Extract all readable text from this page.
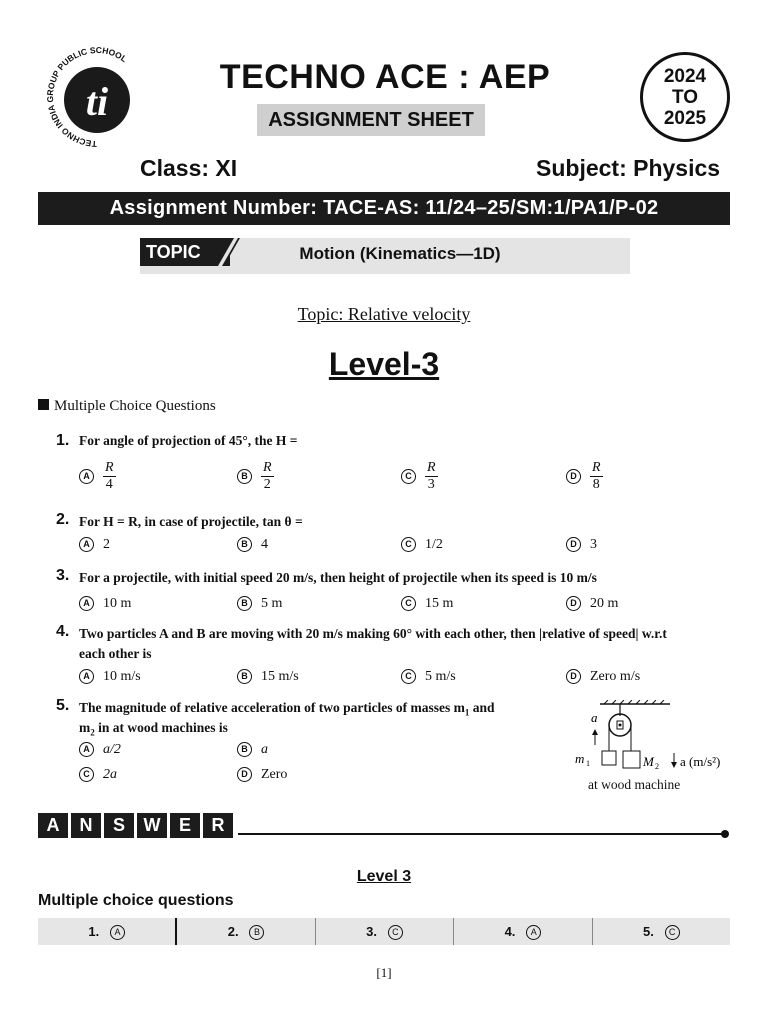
ti
TECHNO INDIA GROUP PUBLIC SCHOOL	TECHNO ACE : AEP
ASSIGNMENT SHEET
2024
TO
2025
Class: XI	Subject: Physics
Assignment Number: TACE-AS: 11/24–25/SM:1/PA1/P-02
TOPIC	Motion (Kinematics—1D)
Topic: Relative velocity
Level-3
Multiple Choice Questions
1. For angle of projection of 45°, the H =
A $\frac{R}{4}$	B $\frac{R}{2}$	C $\frac{R}{3}$	D $\frac{R}{8}$
2. For H = R, in case of projectile, tan θ =
A 2	B 4	C 1/2	D 3
3. For a projectile, with initial speed 20 m/s, then height of projectile when its speed is 10 m/s
A 10 m	B 5 m	C 15 m	D 20 m
4. Two particles A and B are moving with 20 m/s making 60° with each other, then |relative of speed| w.r.t
each other is
A 10 m/s	B 15 m/s	C 5 m/s	D Zero m/s
5. The magnitude of relative acceleration of two particles of masses $m_1$ and
$m_2$ in at wood machines is
A a/2	B a
C 2a	D Zero
a
m 1	M 2 a (m/s²)
at wood machine
A	N	S	W	E	R
Level 3
Multiple choice questions
1. A	2. B	3. C	4. A	5. C
[1]
